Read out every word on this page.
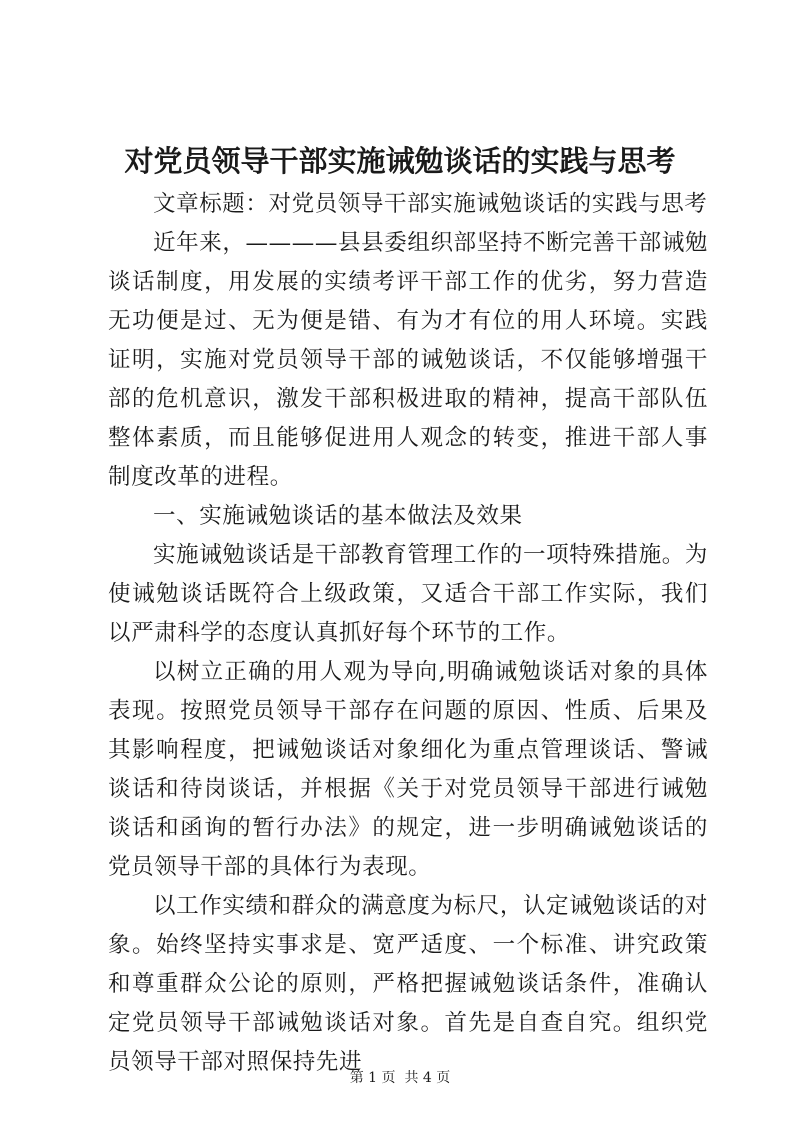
对党员领导干部实施诫勉谈话的实践与思考

文章标题：对党员领导干部实施诫勉谈话的实践与思考

近年来，————县县委组织部坚持不断完善干部诫勉谈话制度，用发展的实绩考评干部工作的优劣，努力营造无功便是过、无为便是错、有为才有位的用人环境。实践证明，实施对党员领导干部的诫勉谈话，不仅能够增强干部的危机意识，激发干部积极进取的精神，提高干部队伍整体素质，而且能够促进用人观念的转变，推进干部人事制度改革的进程。

一、实施诫勉谈话的基本做法及效果

实施诫勉谈话是干部教育管理工作的一项特殊措施。为使诫勉谈话既符合上级政策，又适合干部工作实际，我们以严肃科学的态度认真抓好每个环节的工作。

以树立正确的用人观为导向,明确诫勉谈话对象的具体表现。按照党员领导干部存在问题的原因、性质、后果及其影响程度，把诫勉谈话对象细化为重点管理谈话、警诫谈话和待岗谈话，并根据《关于对党员领导干部进行诫勉谈话和函询的暂行办法》的规定，进一步明确诫勉谈话的党员领导干部的具体行为表现。

以工作实绩和群众的满意度为标尺，认定诫勉谈话的对象。始终坚持实事求是、宽严适度、一个标准、讲究政策和尊重群众公论的原则，严格把握诫勉谈话条件，准确认定党员领导干部诫勉谈话对象。首先是自查自究。组织党员领导干部对照保持先进

第 1 页  共 4 页
